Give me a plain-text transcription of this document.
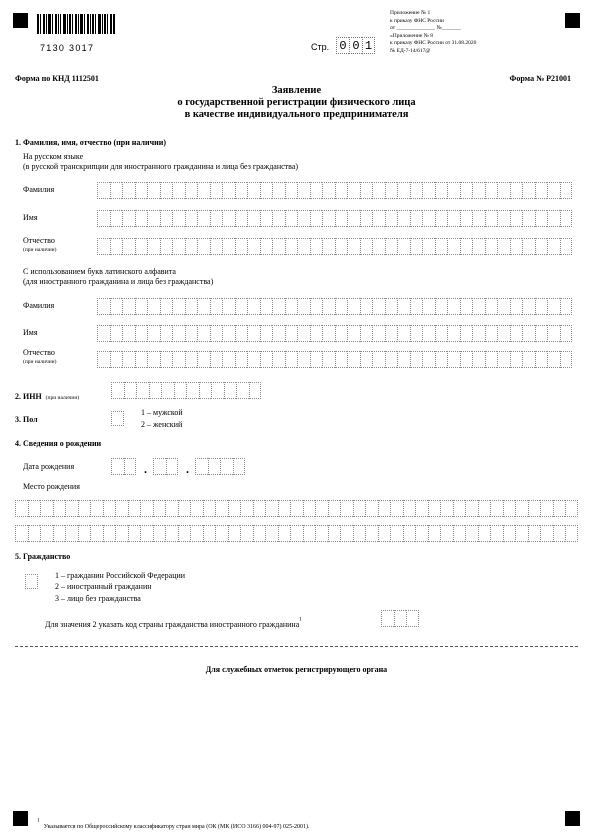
7130 3017	Стр. 0 0 1
Приложение № 1
к приказу ФНС России
от ______________ №_______
«Приложение № 8
к приказу ФНС России от 31.08.2020
№ ЕД-7-14/617@
Форма по КНД 1112501	Форма № Р21001
Заявление
о государственной регистрации физического лица
в качестве индивидуального предпринимателя
1. Фамилия, имя, отчество (при наличии)
На русском языке
(в русской транскрипции для иностранного гражданина и лица без гражданства)
Фамилия
Имя
Отчество
(при наличии)
С использованием букв латинского алфавита
(для иностранного гражданина и лица без гражданства)
Фамилия
Имя
Отчество
(при наличии)
2. ИНН (при наличии)
3. Пол
1 – мужской
2 – женский
4. Сведения о рождении
Дата рождения	.	.
Место рождения
5. Гражданство
1 – гражданин Российской Федерации
2 – иностранный гражданин
3 – лицо без гражданства
Для значения 2 указать код страны гражданства иностранного гражданина$^1$
Для служебных отметок регистрирующего органа
$^1$ Указывается по Общероссийскому классификатору стран мира (ОК (МК (ИСО 3166) 004-97) 025-2001).
